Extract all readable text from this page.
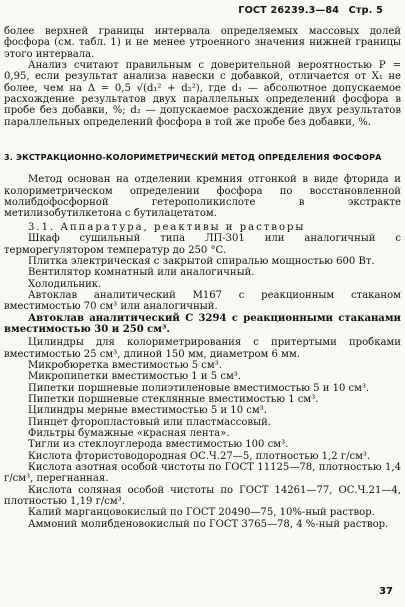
ГОСТ 26239.3—84 Стр. 5

более верхней границы интервала определяемых массовых долей фосфора (см. табл. 1) и не менее утроенного значения нижней границы этого интервала.

Анализ считают правильным с доверительной вероятностью P = 0,95, если результат анализа навески с добавкой, отличается от X₁ не более, чем на Δ = 0,5 √(d₁² + d₂²), где d₁ — абсолютное допускаемое расхождение результатов двух параллельных определений фосфора в пробе без добавки, %; d₂ — допускаемое расхождение двух результатов параллельных определений фосфора в той же пробе без добавки, %.

3. ЭКСТРАКЦИОННО-КОЛОРИМЕТРИЧЕСКИЙ МЕТОД ОПРЕДЕЛЕНИЯ ФОСФОРА

Метод основан на отделении кремния отгонкой в виде фторида и колориметрическом определении фосфора по восстановленной молибдофосфорной гетерополикислоте в экстракте метилизобутилкетона с бутилацетатом.

3.1. Аппаратура, реактивы и растворы

Шкаф сушильный типа ЛП-301 или аналогичный с терморегулятором температур до 250 °С.

Плитка электрическая с закрытой спиралью мощностью 600 Вт.

Вентилятор комнатный или аналогичный.

Холодильник.

Автоклав аналитический М167 с реакционным стаканом вместимостью 70 см³ или аналогичный.

Автоклав аналитический С 3294 с реакционными стаканами вместимостью 30 и 250 см³.

Цилиндры для колориметрирования с притертыми пробками вместимостью 25 см³, длиной 150 мм, диаметром 6 мм.

Микробюретка вместимостью 5 см³.

Микропипетки вместимостью 1 и 5 см³.

Пипетки поршневые полиэтиленовые вместимостью 5 и 10 см³.

Пипетки поршневые стеклянные вместимостью 1 см³.

Цилиндры мерные вместимостью 5 и 10 см³.

Пинцет фторопластовый или пластмассовый.

Фильтры бумажные «красная лента».

Тигли из стеклоуглерода вместимостью 100 см³.

Кислота фтористоводородная ОС.Ч.27—5, плотностью 1,2 г/см³.

Кислота азотная особой чистоты по ГОСТ 11125—78, плотностью 1,4 г/см³, перегнанная.

Кислота соляная особой чистоты по ГОСТ 14261—77, ОС.Ч.21—4, плотностью 1,19 г/см³.

Калий марганцовокислый по ГОСТ 20490—75, 10%-ный раствор.

Аммоний молибденовокислый по ГОСТ 3765—78, 4 %-ный раствор.

37
